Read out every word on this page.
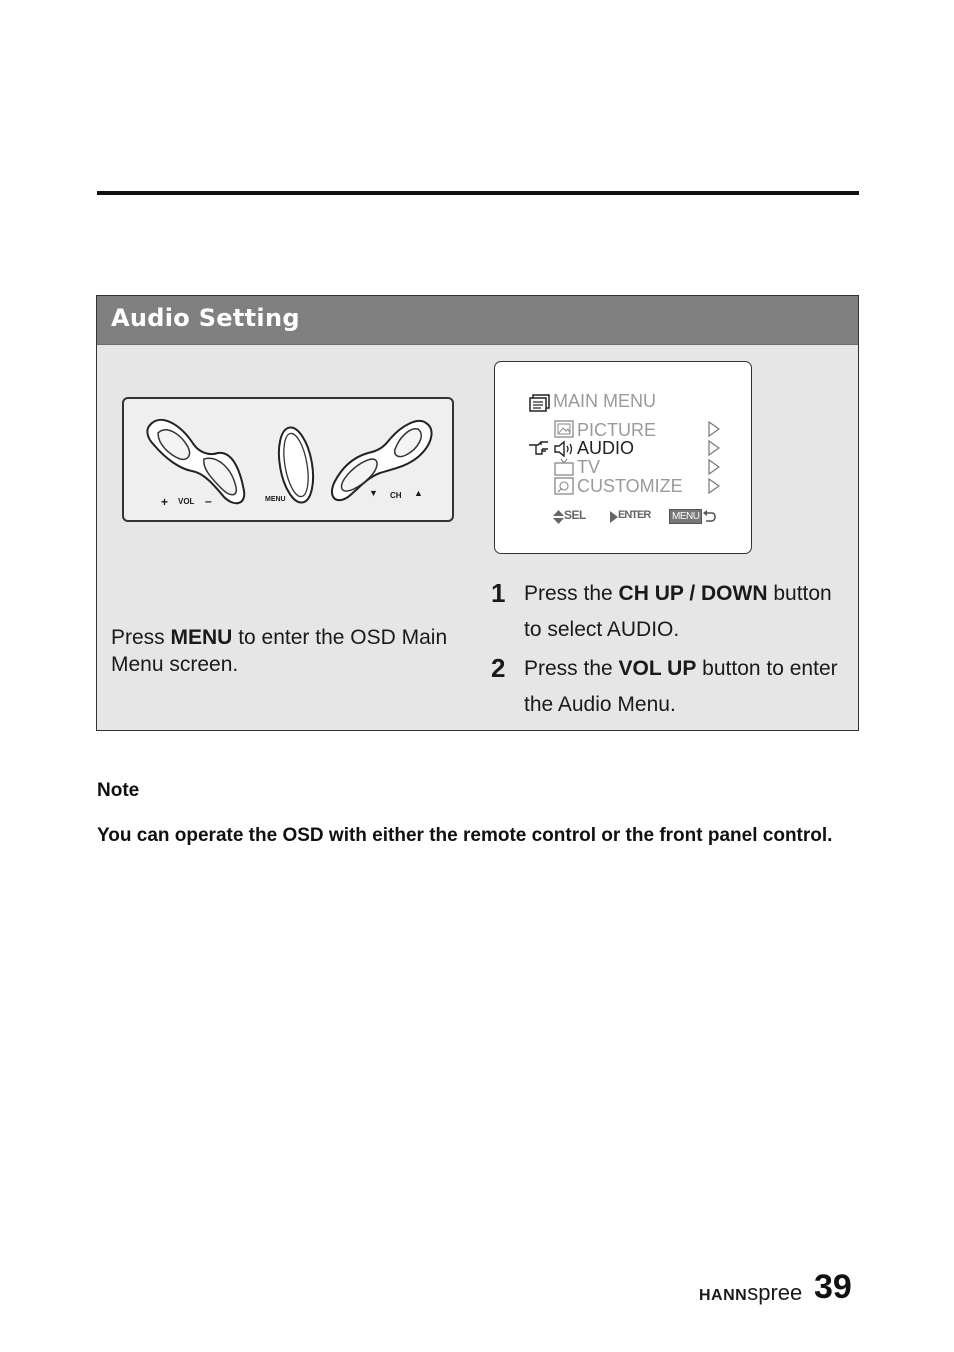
Audio Setting
+ VOL –	MENU
▼ CH ▲
MAIN MENU
PICTURE
AUDIO
TV
CUSTOMIZE
SEL	ENTER	MENU
Press MENU to enter the OSD Main Menu screen.
1 Press the CH UP / DOWN button to select AUDIO.
2 Press the VOL UP button to enter the Audio Menu.
Note
You can operate the OSD with either the remote control or the front panel control.
HANNspree 39
